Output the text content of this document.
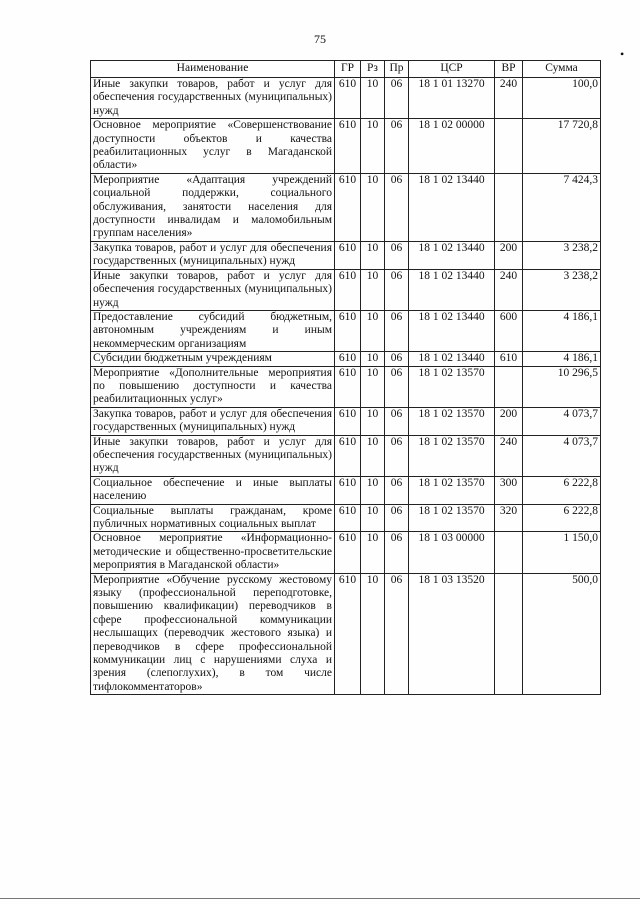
75
•
Наименование	ГР	Рз	Пр	ЦСР	ВР	Сумма
Иные закупки товаров, работ и услуг для обеспечения государственных (муниципальных) нужд	610	10	06	18 1 01 13270	240	100,0
Основное мероприятие «Совершенствование доступности объектов и качества реабилитационных услуг в Магаданской области»	610	10	06	18 1 02 00000		17 720,8
Мероприятие «Адаптация учреждений социальной поддержки, социального обслуживания, занятости населения для доступности инвалидам и маломобильным группам населения»	610	10	06	18 1 02 13440		7 424,3
Закупка товаров, работ и услуг для обеспечения государственных (муниципальных) нужд	610	10	06	18 1 02 13440	200	3 238,2
Иные закупки товаров, работ и услуг для обеспечения государственных (муниципальных) нужд	610	10	06	18 1 02 13440	240	3 238,2
Предоставление субсидий бюджетным, автономным учреждениям и иным некоммерческим организациям	610	10	06	18 1 02 13440	600	4 186,1
Субсидии бюджетным учреждениям	610	10	06	18 1 02 13440	610	4 186,1
Мероприятие «Дополнительные мероприятия по повышению доступности и качества реабилитационных услуг»	610	10	06	18 1 02 13570		10 296,5
Закупка товаров, работ и услуг для обеспечения государственных (муниципальных) нужд	610	10	06	18 1 02 13570	200	4 073,7
Иные закупки товаров, работ и услуг для обеспечения государственных (муниципальных) нужд	610	10	06	18 1 02 13570	240	4 073,7
Социальное обеспечение и иные выплаты населению	610	10	06	18 1 02 13570	300	6 222,8
Социальные выплаты гражданам, кроме публичных нормативных социальных выплат	610	10	06	18 1 02 13570	320	6 222,8
Основное мероприятие «Информационно-методические и общественно-просветительские мероприятия в Магаданской области»	610	10	06	18 1 03 00000		1 150,0
Мероприятие «Обучение русскому жестовому языку (профессиональной переподготовке, повышению квалификации) переводчиков в сфере профессиональной коммуникации неслышащих (переводчик жестового языка) и переводчиков в сфере профессиональной коммуникации лиц с нарушениями слуха и зрения (слепоглухих), в том числе тифлокомментаторов»	610	10	06	18 1 03 13520		500,0
